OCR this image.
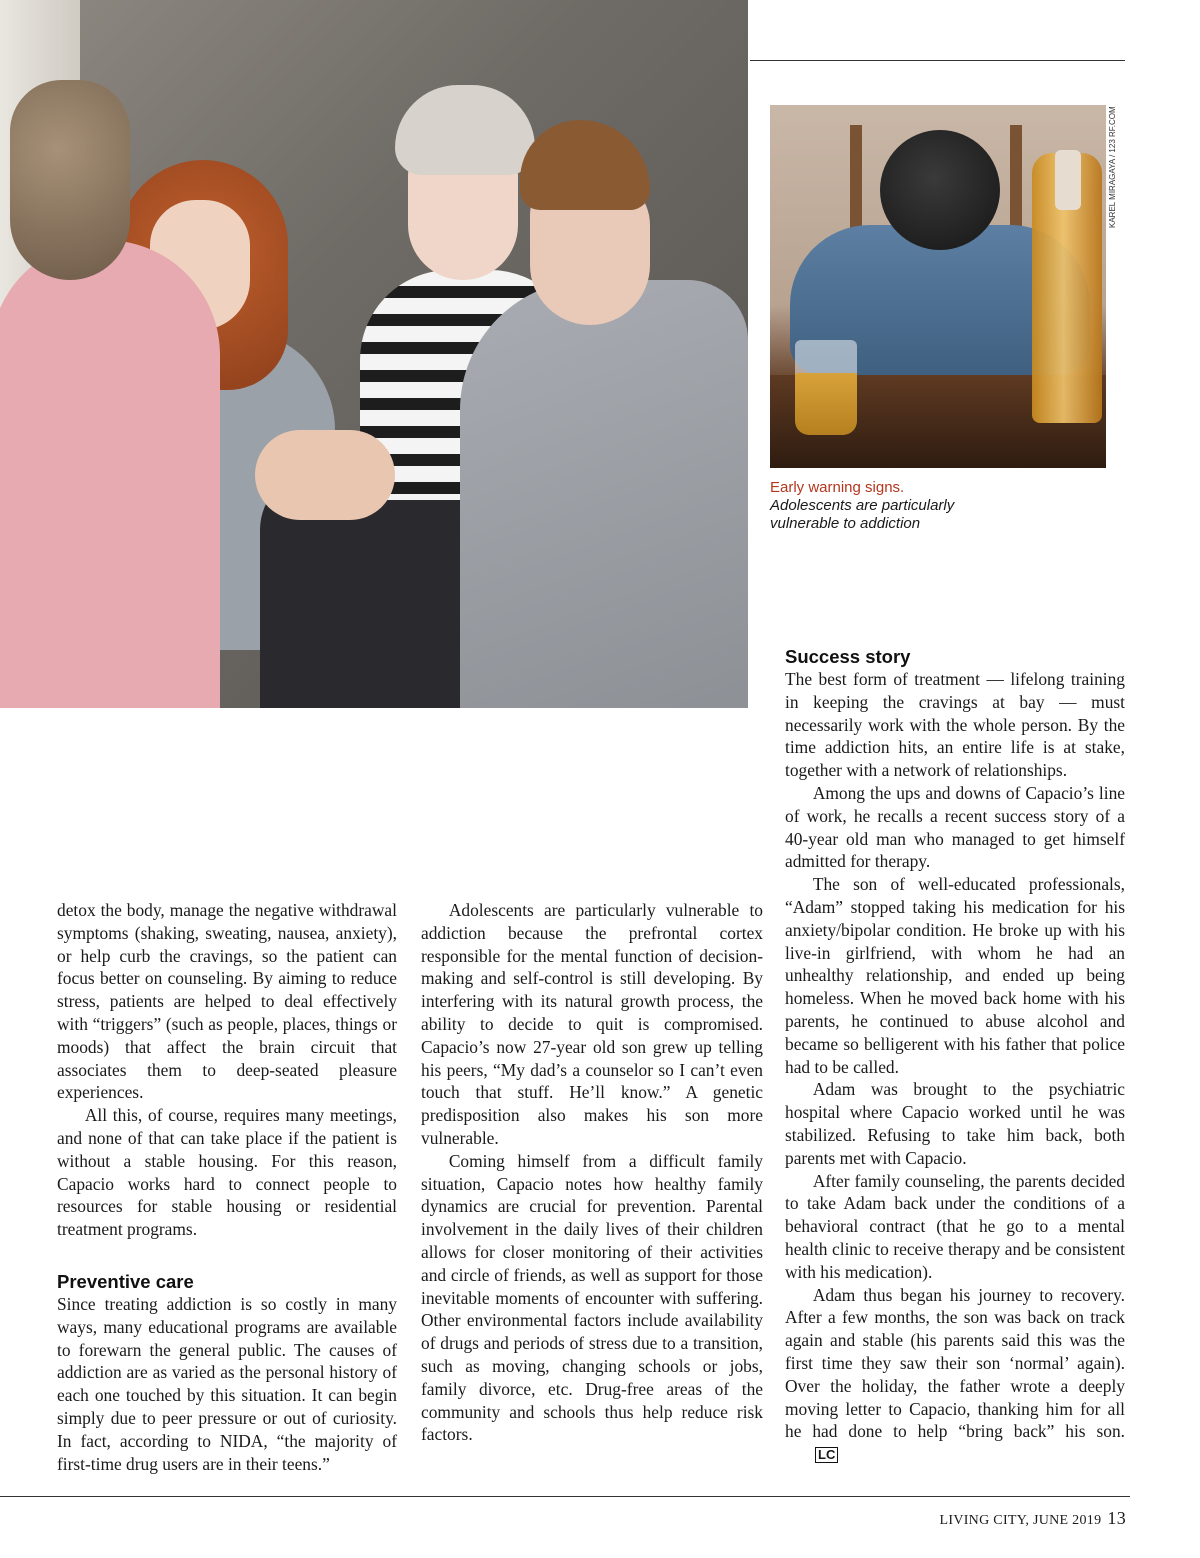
KAREL MIRAGAYA / 123 RF.COM
Early warning signs.
Adolescents are particularly
vulnerable to addiction

detox the body, manage the negative withdrawal symptoms (shaking, sweating, nausea, anxiety), or help curb the cravings, so the patient can focus better on counseling. By aiming to reduce stress, patients are helped to deal effectively with “triggers” (such as people, places, things or moods) that affect the brain circuit that associates them to deep-seated pleasure experiences.

All this, of course, requires many meetings, and none of that can take place if the patient is without a stable housing. For this reason, Capacio works hard to connect people to resources for stable housing or residential treatment programs.

Preventive care

Since treating addiction is so costly in many ways, many educational programs are available to forewarn the general public. The causes of addiction are as varied as the personal history of each one touched by this situation. It can begin simply due to peer pressure or out of curiosity. In fact, according to NIDA, “the majority of first-time drug users are in their teens.”

Adolescents are particularly vulnerable to addiction because the prefrontal cortex responsible for the mental function of decision-making and self-control is still developing. By interfering with its natural growth process, the ability to decide to quit is compromised. Capacio’s now 27-year old son grew up telling his peers, “My dad’s a counselor so I can’t even touch that stuff. He’ll know.” A genetic predisposition also makes his son more vulnerable.

Coming himself from a difficult family situation, Capacio notes how healthy family dynamics are crucial for prevention. Parental involvement in the daily lives of their children allows for closer monitoring of their activities and circle of friends, as well as support for those inevitable moments of encounter with suffering. Other environmental factors include availability of drugs and periods of stress due to a transition, such as moving, changing schools or jobs, family divorce, etc. Drug-free areas of the community and schools thus help reduce risk factors.

Success story

The best form of treatment — lifelong training in keeping the cravings at bay — must necessarily work with the whole person. By the time addiction hits, an entire life is at stake, together with a network of relationships.

Among the ups and downs of Capacio’s line of work, he recalls a recent success story of a 40-year old man who managed to get himself admitted for therapy.

The son of well-educated professionals, “Adam” stopped taking his medication for his anxiety/bipolar condition. He broke up with his live-in girlfriend, with whom he had an unhealthy relationship, and ended up being homeless. When he moved back home with his parents, he continued to abuse alcohol and became so belligerent with his father that police had to be called.

Adam was brought to the psychiatric hospital where Capacio worked until he was stabilized. Refusing to take him back, both parents met with Capacio.

After family counseling, the parents decided to take Adam back under the conditions of a behavioral contract (that he go to a mental health clinic to receive therapy and be consistent with his medication).

Adam thus began his journey to recovery. After a few months, the son was back on track again and stable (his parents said this was the first time they saw their son ‘normal’ again). Over the holiday, the father wrote a deeply moving letter to Capacio, thanking him for all he had done to help “bring back” his son.LC

LIVING CITY, JUNE 2019 13
